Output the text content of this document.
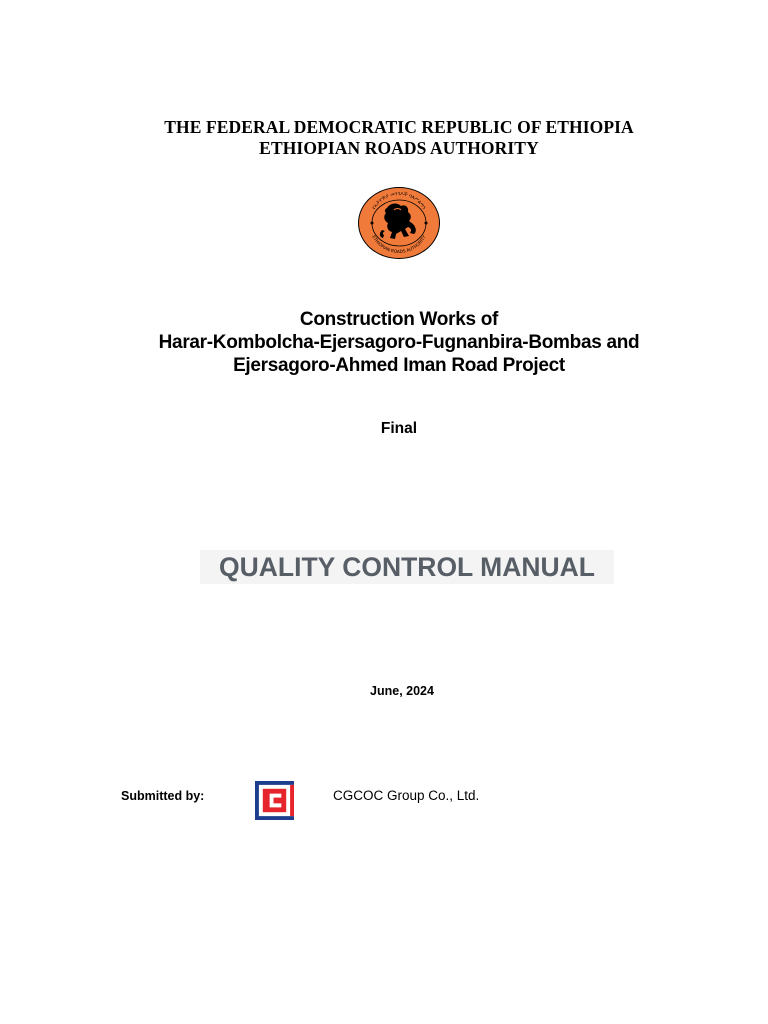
THE FEDERAL DEMOCRATIC REPUBLIC OF ETHIOPIA
ETHIOPIAN ROADS AUTHORITY
የኢትዮጵያ መንገዶች ባለሥልጣን
ETHIOPIAN ROADS AUTHORITY
Construction Works of
Harar-Kombolcha-Ejersagoro-Fugnanbira-Bombas and
Ejersagoro-Ahmed Iman Road Project
Final
QUALITY CONTROL MANUAL
June, 2024
Submitted by:	CGCOC Group Co., Ltd.
